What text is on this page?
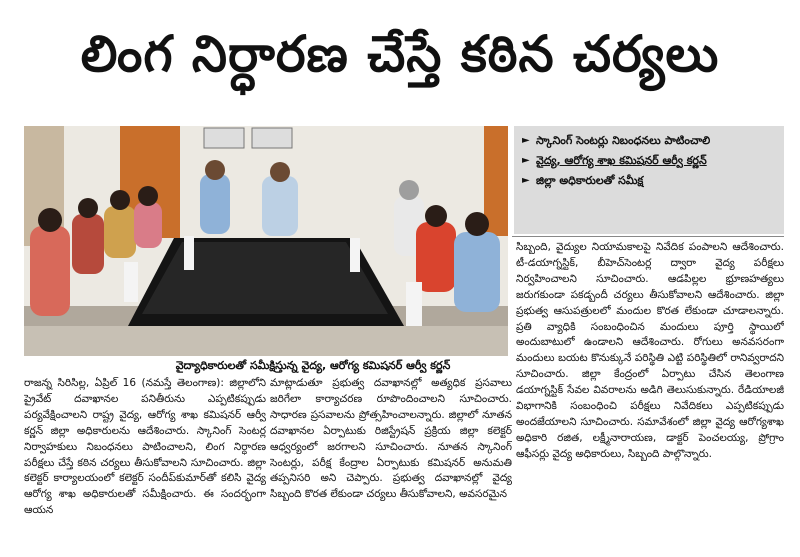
లింగ నిర్ధారణ చేస్తే కఠిన చర్యలు
వైద్యాధికారులతో సమీక్షిస్తున్న వైద్య, ఆరోగ్య కమిషనర్ ఆర్వీ కర్ణన్
► స్కానింగ్ సెంటర్లు నిబంధనలు పాటించాలి
► వైద్య, ఆరోగ్య శాఖ కమిషనర్ ఆర్వీ కర్ణన్
► జిల్లా అధికారులతో సమీక్ష

రాజన్న సిరిసిల్ల, ఏప్రిల్ 16 (నమస్తే తెలంగాణ): జిల్లాలోని ప్రైవేట్ దవాఖానల పనితీరును ఎప్పటికప్పుడు పర్యవేక్షించాలని రాష్ట్ర వైద్య, ఆరోగ్య శాఖ కమిషనర్ ఆర్వీ కర్ణన్ జిల్లా అధికారులను ఆదేశించారు. స్కానింగ్ సెంటర్ల నిర్వాహకులు నిబంధనలు పాటించాలని, లింగ నిర్ధారణ పరీక్షలు చేస్తే కఠిన చర్యలు తీసుకోవాలని సూచించారు. జిల్లా కలెక్టర్ కార్యాలయంలో కలెక్టర్ సందీప్‌కుమార్‌తో కలిసి వైద్య ఆరోగ్య శాఖ అధికారులతో సమీక్షించారు. ఈ సందర్భంగా ఆయన

మాట్లాడుతూ ప్రభుత్వ దవాఖానల్లో అత్యధిక ప్రసవాలు జరిగేలా కార్యాచరణ రూపొందించాలని సూచించారు. సాధారణ ప్రసవాలను ప్రోత్సహించాలన్నారు. జిల్లాలో నూతన దవాఖానల ఏర్పాటుకు రిజిస్ట్రేషన్ ప్రక్రియ జిల్లా కలెక్టర్ ఆధ్వర్యంలో జరగాలని సూచించారు. నూతన స్కానింగ్ సెంటర్లు, పరీక్ష కేంద్రాల ఏర్పాటుకు కమిషనర్ అనుమతి తప్పనిసరి అని చెప్పారు. ప్రభుత్వ దవాఖానల్లో వైద్య సిబ్బంది కొరత లేకుండా చర్యలు తీసుకోవాలని, అవసరమైన

సిబ్బంది, వైద్యుల నియామకాలపై నివేదిక పంపాలని ఆదేశించారు. టీ-డయాగ్నస్టిక్, బీహెచ్‌సెంటర్ల ద్వారా వైద్య పరీక్షలు నిర్వహించాలని సూచించారు. ఆడపిల్లల భ్రూణహత్యలు జరుగకుండా పకడ్బందీ చర్యలు తీసుకోవాలని ఆదేశించారు. జిల్లా ప్రభుత్వ ఆసుపత్రులలో మందుల కొరత లేకుండా చూడాలన్నారు. ప్రతి వ్యాధికి సంబంధించిన మందులు పూర్తి స్థాయిలో అందుబాటులో ఉండాలని ఆదేశించారు. రోగులు అనవసరంగా మందులు బయట కొనుక్కునే పరిస్థితి ఎట్టి పరిస్థితిలో రానివ్వరాదని సూచించారు. జిల్లా కేంద్రంలో ఏర్పాటు చేసిన తెలంగాణ డయాగ్నస్టిక్ సేవల వివరాలను అడిగి తెలుసుకున్నారు. రేడియాలజీ విభాగానికి సంబంధించి పరీక్షలు నివేదికలు ఎప్పటికప్పుడు అందజేయాలని సూచించారు. సమావేశంలో జిల్లా వైద్య ఆరోగ్యశాఖ అధికారి రజిత, లక్ష్మీనారాయణ, డాక్టర్ పెంచలయ్య, ప్రోగ్రాం ఆఫీసర్లు వైద్య అధికారులు, సిబ్బంది పాల్గొన్నారు.
